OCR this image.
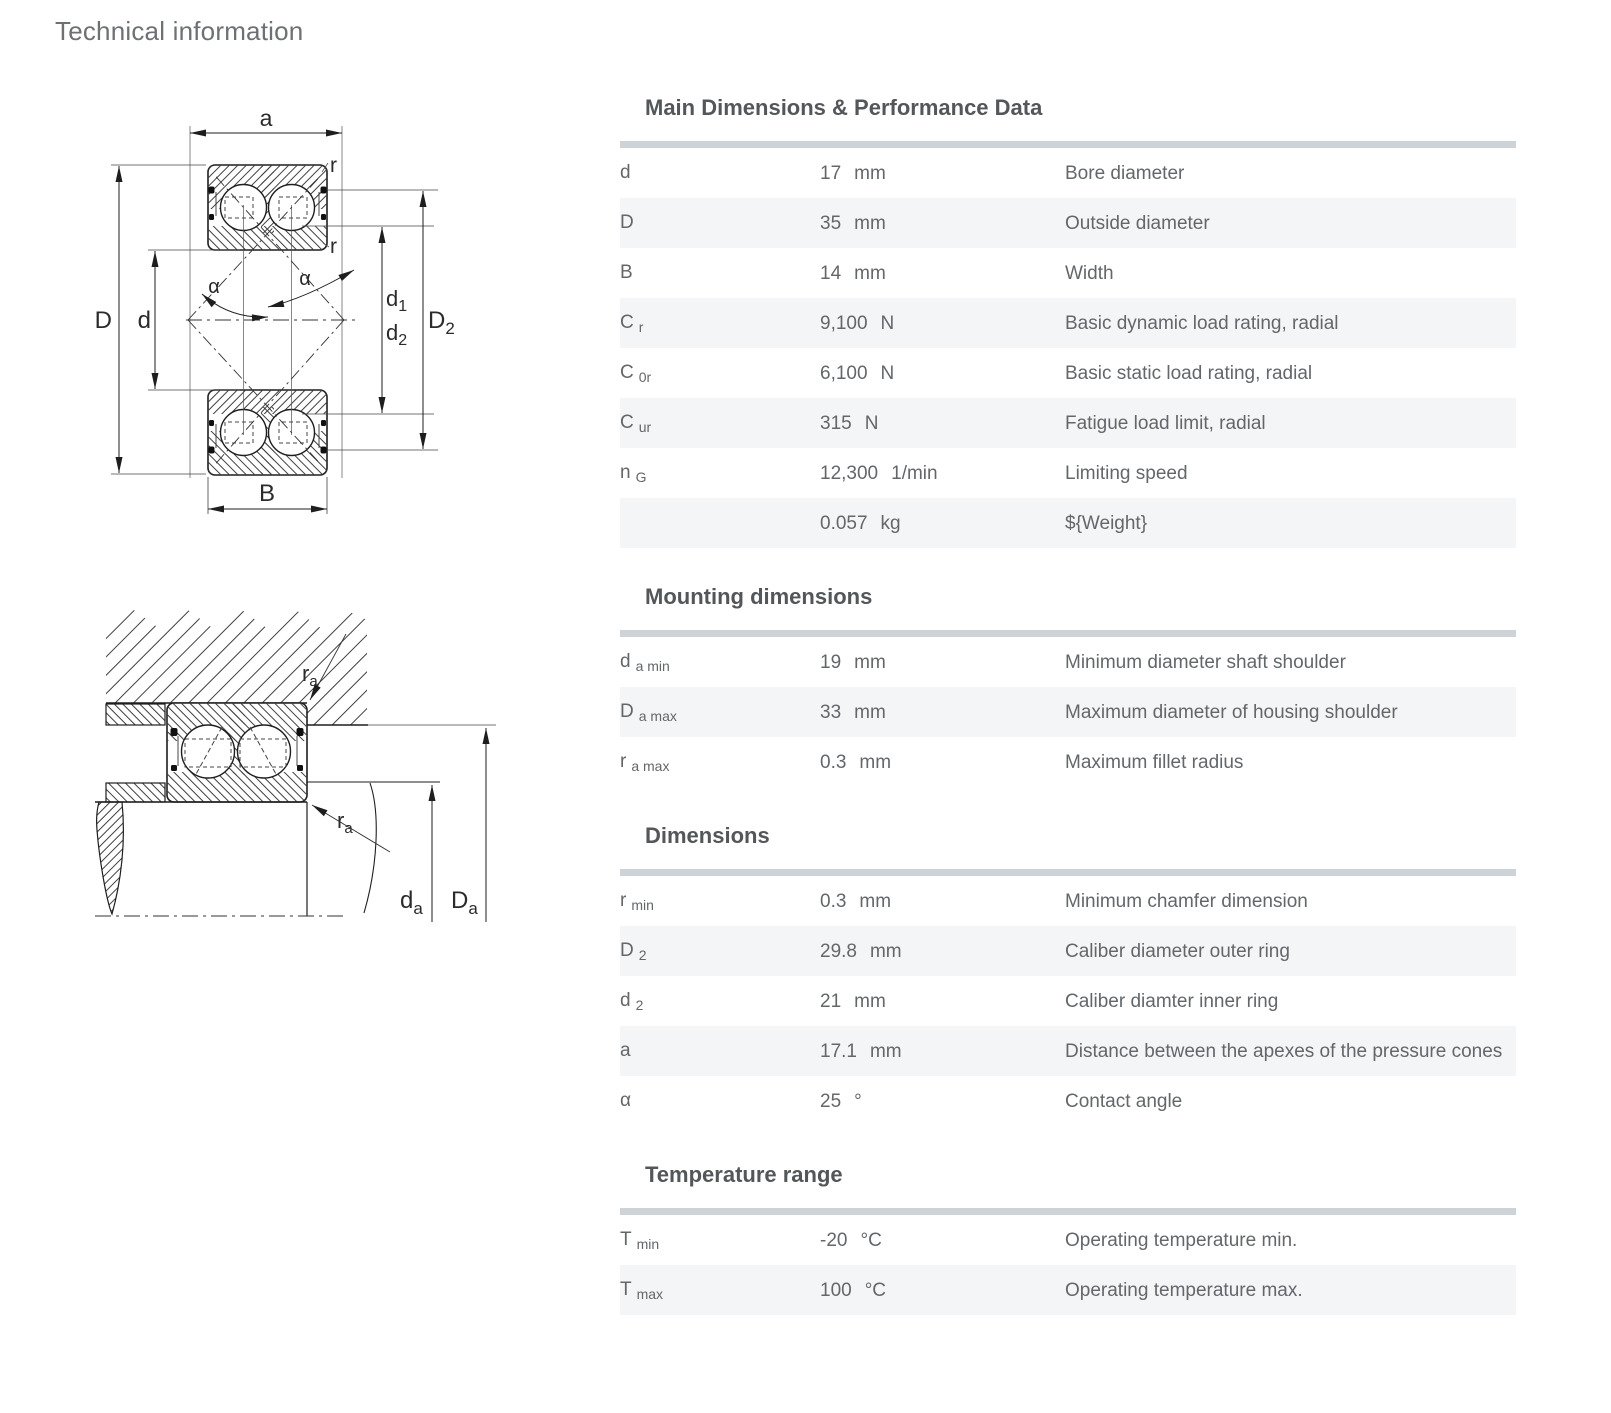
Technical information
a
r
r
D d
α	α
$d_1$
$d_2$
$D_2$
B
$r_a$
$r_a$
$d_a$ $D_a$
Main Dimensions & Performance Data
d	17 mm	Bore diameter
D	35 mm	Outside diameter
B	14 mm	Width
C $_r$	9,100 N	Basic dynamic load rating, radial
C $_{0r}$	6,100 N	Basic static load rating, radial
C $_{ur}$	315 N	Fatigue load limit, radial
n $_G$	12,300 1/min	Limiting speed
	0.057 kg	${Weight}
Mounting dimensions
d $_{a min}$	19 mm	Minimum diameter shaft shoulder
D $_{a max}$	33 mm	Maximum diameter of housing shoulder
r $_{a max}$	0.3 mm	Maximum fillet radius
Dimensions
r $_{min}$	0.3 mm	Minimum chamfer dimension
D $_2$	29.8 mm	Caliber diameter outer ring
d $_2$	21 mm	Caliber diamter inner ring
a	17.1 mm	Distance between the apexes of the pressure cones
α	25 °	Contact angle
Temperature range
T $_{min}$	-20 °C	Operating temperature min.
T $_{max}$	100 °C	Operating temperature max.
